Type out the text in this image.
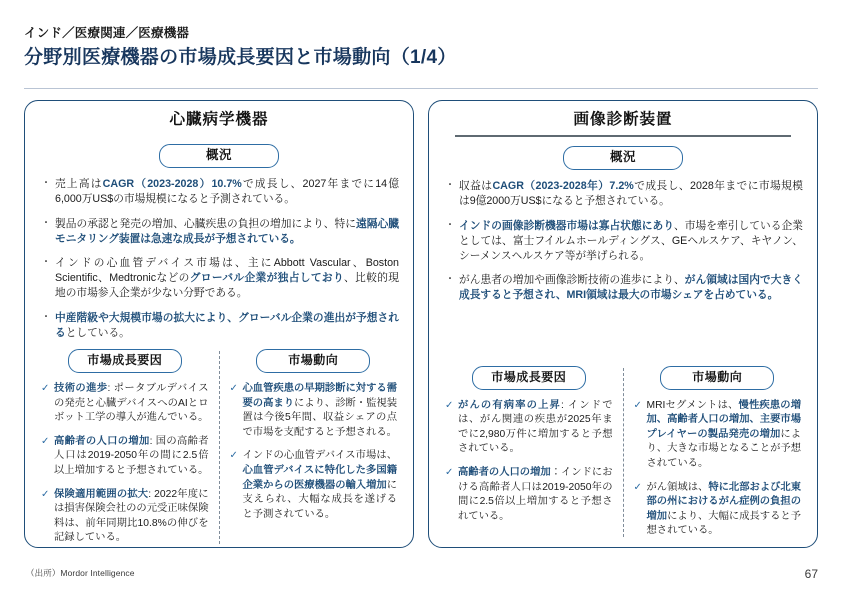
インド／医療関連／医療機器
分野別医療機器の市場成長要因と市場動向（1/4）
心臓病学機器
概況
・ 売上高はCAGR（2023-2028）10.7%で成長し、2027年までに14億6,000万US$の市場規模になると予測されている。
・ 製品の承認と発売の増加、心臓疾患の負担の増加により、特に遠隔心臓モニタリング装置は急速な成長が予想されている。
・ インドの心血管デバイス市場は、主にAbbott Vascular、Boston Scientific、Medtronicなどのグローバル企業が独占しており、比較的現地の市場参入企業が少ない分野である。
・ 中産階級や大規模市場の拡大により、グローバル企業の進出が予想されるとしている。
市場成長要因
✓ 技術の進歩: ポータブルデバイスの発売と心臓デバイスへのAIとロボット工学の導入が進んでいる。
✓ 高齢者の人口の増加: 国の高齢者人口は2019-2050年の間に2.5倍以上増加すると予想されている。
✓ 保険適用範囲の拡大: 2022年度には損害保険会社のの元受正味保険料は、前年同期比10.8%の伸びを記録している。
市場動向
✓ 心血管疾患の早期診断に対する需要の高まりにより、診断・監視装置は今後5年間、収益シェアの点で市場を支配すると予想される。
✓ インドの心血管デバイス市場は、心血管デバイスに特化した多国籍企業からの医療機器の輸入増加に支えられ、大幅な成長を遂げると予測されている。
画像診断装置
概況
・ 収益はCAGR（2023-2028年）7.2%で成長し、2028年までに市場規模は9億2000万US$になると予想されている。
・ インドの画像診断機器市場は寡占状態にあり、市場を牽引している企業としては、富士フイルムホールディングス、GEヘルスケア、キヤノン、シーメンスヘルスケア等が挙げられる。
・ がん患者の増加や画像診断技術の進歩により、がん領域は国内で大きく成長すると予想され、MRI領域は最大の市場シェアを占めている。
市場成長要因
✓ がんの有病率の上昇: インドでは、がん関連の疾患が2025年までに2,980万件に増加すると予想されている。
✓ 高齢者の人口の増加：インドにおける高齢者人口は2019-2050年の間に2.5倍以上増加すると予想されている。
市場動向
✓ MRIセグメントは、慢性疾患の増加、高齢者人口の増加、主要市場プレイヤーの製品発売の増加により、大きな市場となることが予想されている。
✓ がん領域は、特に北部および北東部の州におけるがん症例の負担の増加により、大幅に成長すると予想されている。
（出所）Mordor Intelligence	67
